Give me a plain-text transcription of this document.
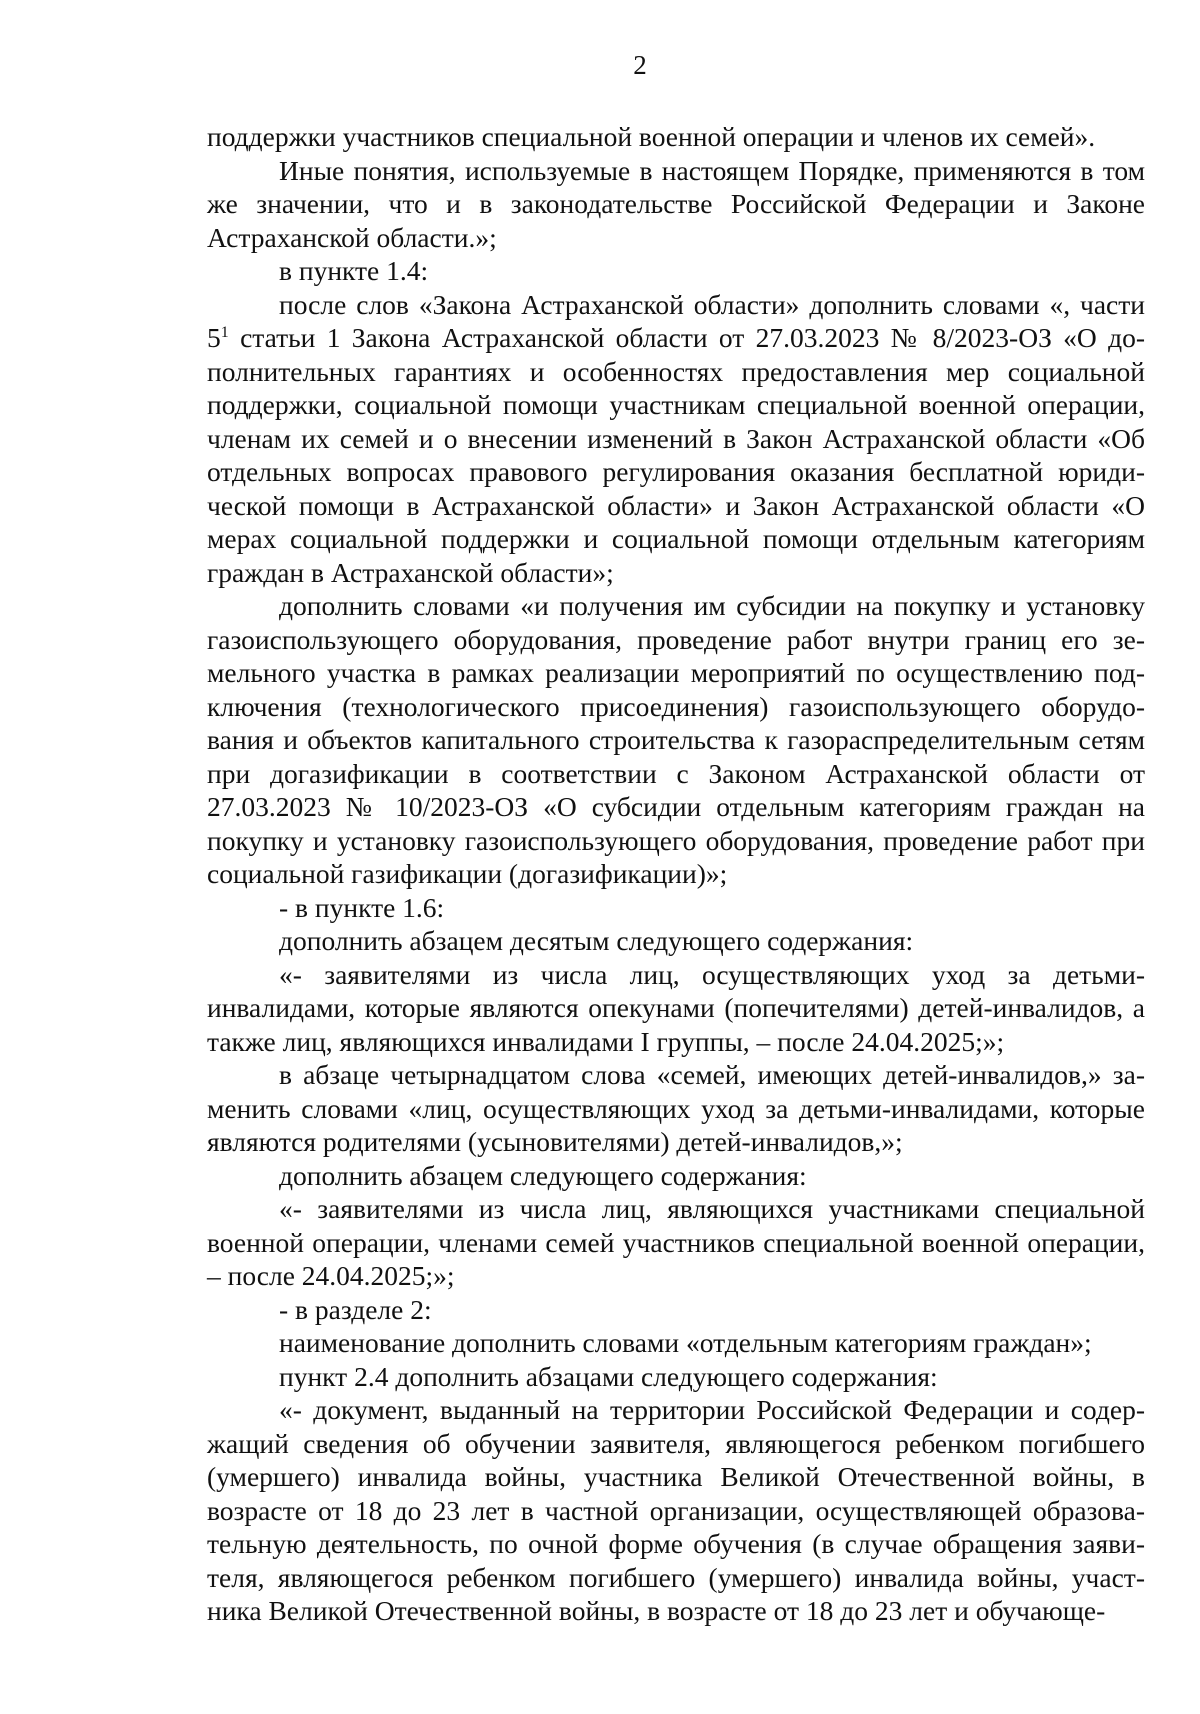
2

поддержки участников специальной военной операции и членов их семей».

Иные понятия, используемые в настоящем Порядке, применяются в том же значении, что и в законодательстве Российской Федерации и Законе Астраханской области.»;

в пункте 1.4:

после слов «Закона Астраханской области» дополнить словами «, части $5^1$ статьи 1 Закона Астраханской области от 27.03.2023 № 8/2023-ОЗ «О дополнительных гарантиях и особенностях предоставления мер социальной поддержки, социальной помощи участникам специальной военной операции, членам их семей и о внесении изменений в Закон Астраханской области «Об отдельных вопросах правового регулирования оказания бесплатной юридической помощи в Астраханской области» и Закон Астраханской области «О мерах социальной поддержки и социальной помощи отдельным категориям граждан в Астраханской области»;

дополнить словами «и получения им субсидии на покупку и установку газоиспользующего оборудования, проведение работ внутри границ его земельного участка в рамках реализации мероприятий по осуществлению подключения (технологического присоединения) газоиспользующего оборудования и объектов капитального строительства к газораспределительным сетям при догазификации в соответствии с Законом Астраханской области от 27.03.2023 № 10/2023-ОЗ «О субсидии отдельным категориям граждан на покупку и установку газоиспользующего оборудования, проведение работ при социальной газификации (догазификации)»;

- в пункте 1.6:

дополнить абзацем десятым следующего содержания:

«- заявителями из числа лиц, осуществляющих уход за детьми-инвалидами, которые являются опекунами (попечителями) детей-инвалидов, а также лиц, являющихся инвалидами I группы, – после 24.04.2025;»;

в абзаце четырнадцатом слова «семей, имеющих детей-инвалидов,» заменить словами «лиц, осуществляющих уход за детьми-инвалидами, которые являются родителями (усыновителями) детей-инвалидов,»;

дополнить абзацем следующего содержания:

«- заявителями из числа лиц, являющихся участниками специальной военной операции, членами семей участников специальной военной операции, – после 24.04.2025;»;

- в разделе 2:

наименование дополнить словами «отдельным категориям граждан»;

пункт 2.4 дополнить абзацами следующего содержания:

«- документ, выданный на территории Российской Федерации и содержащий сведения об обучении заявителя, являющегося ребенком погибшего (умершего) инвалида войны, участника Великой Отечественной войны, в возрасте от 18 до 23 лет в частной организации, осуществляющей образовательную деятельность, по очной форме обучения (в случае обращения заявителя, являющегося ребенком погибшего (умершего) инвалида войны, участника Великой Отечественной войны, в возрасте от 18 до 23 лет и обучающе-
